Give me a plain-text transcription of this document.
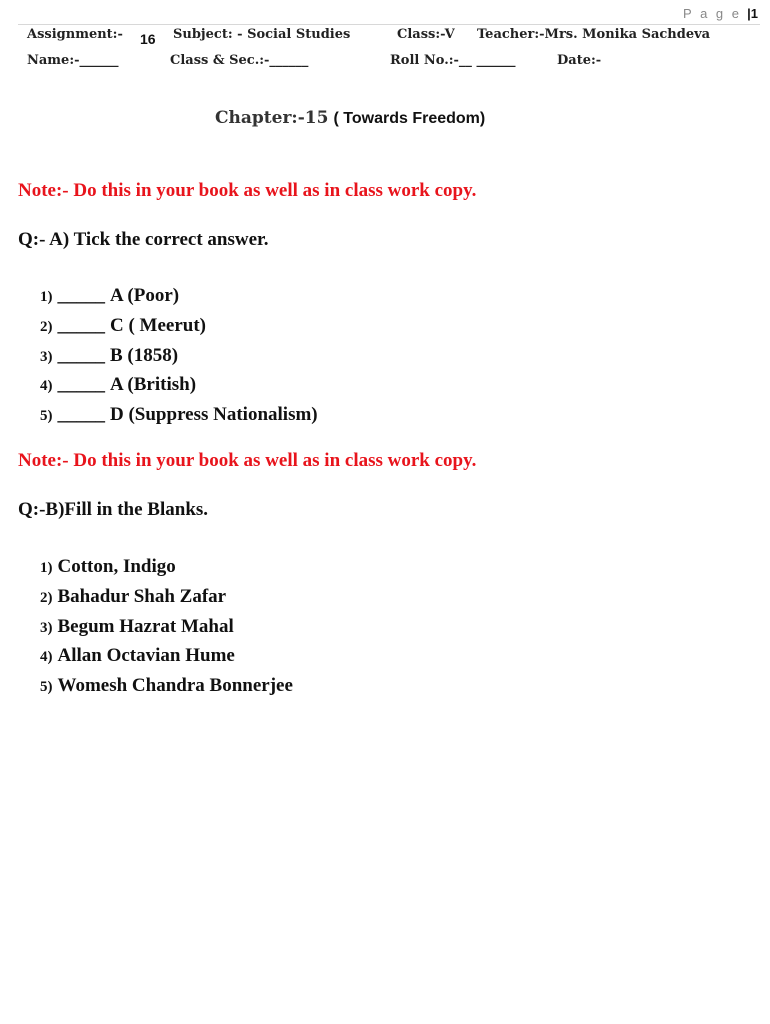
P a g e |1
Assignment:- 16 Subject: - Social Studies	Class:-V Teacher:-Mrs. Monika Sachdeva
Name:-______	Class & Sec.:-______	Roll No.:-__ ______	Date:-
Chapter:-15 ( Towards Freedom)
Note:- Do this in your book as well as in class work copy.
Q:- A) Tick the correct answer.
1) _____ A (Poor)
2) _____ C ( Meerut)
3) _____ B (1858)
4) _____ A (British)
5) _____ D (Suppress Nationalism)
Note:- Do this in your book as well as in class work copy.
Q:-B)Fill in the Blanks.
1) Cotton, Indigo
2) Bahadur Shah Zafar
3) Begum Hazrat Mahal
4) Allan Octavian Hume
5) Womesh Chandra Bonnerjee
